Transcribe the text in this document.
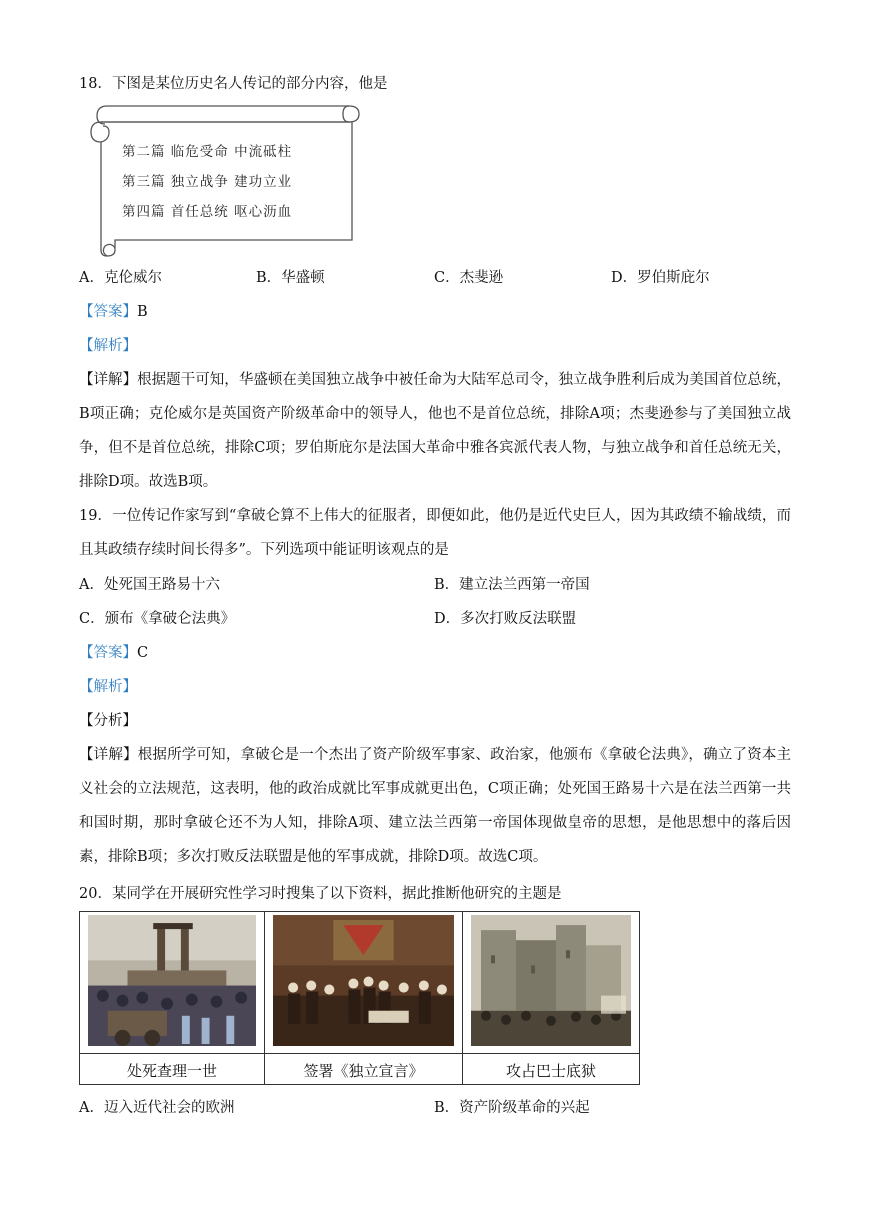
18．下图是某位历史名人传记的部分内容，他是
第二篇 临危受命 中流砥柱
第三篇 独立战争 建功立业
第四篇 首任总统 呕心沥血
A．克伦威尔	B．华盛顿	C．杰斐逊	D．罗伯斯庇尔
【答案】B
【解析】
【详解】根据题干可知，华盛顿在美国独立战争中被任命为大陆军总司令，独立战争胜利后成为美国首位总统，B项正确；克伦威尔是英国资产阶级革命中的领导人，他也不是首位总统，排除A项；杰斐逊参与了美国独立战争，但不是首位总统，排除C项；罗伯斯庇尔是法国大革命中雅各宾派代表人物，与独立战争和首任总统无关，排除D项。故选B项。
19．一位传记作家写到“拿破仑算不上伟大的征服者，即便如此，他仍是近代史巨人，因为其政绩不输战绩，而且其政绩存续时间长得多”。下列选项中能证明该观点的是
A．处死国王路易十六	B．建立法兰西第一帝国
C．颁布《拿破仑法典》	D．多次打败反法联盟
【答案】C
【解析】
【分析】
【详解】根据所学可知，拿破仑是一个杰出了资产阶级军事家、政治家，他颁布《拿破仑法典》，确立了资本主义社会的立法规范，这表明，他的政治成就比军事成就更出色，C项正确；处死国王路易十六是在法兰西第一共和国时期，那时拿破仑还不为人知，排除A项、建立法兰西第一帝国体现做皇帝的思想，是他思想中的落后因素，排除B项；多次打败反法联盟是他的军事成就，排除D项。故选C项。
20．某同学在开展研究性学习时搜集了以下资料，据此推断他研究的主题是
处死查理一世	签署《独立宣言》	攻占巴士底狱
A．迈入近代社会的欧洲	B．资产阶级革命的兴起
